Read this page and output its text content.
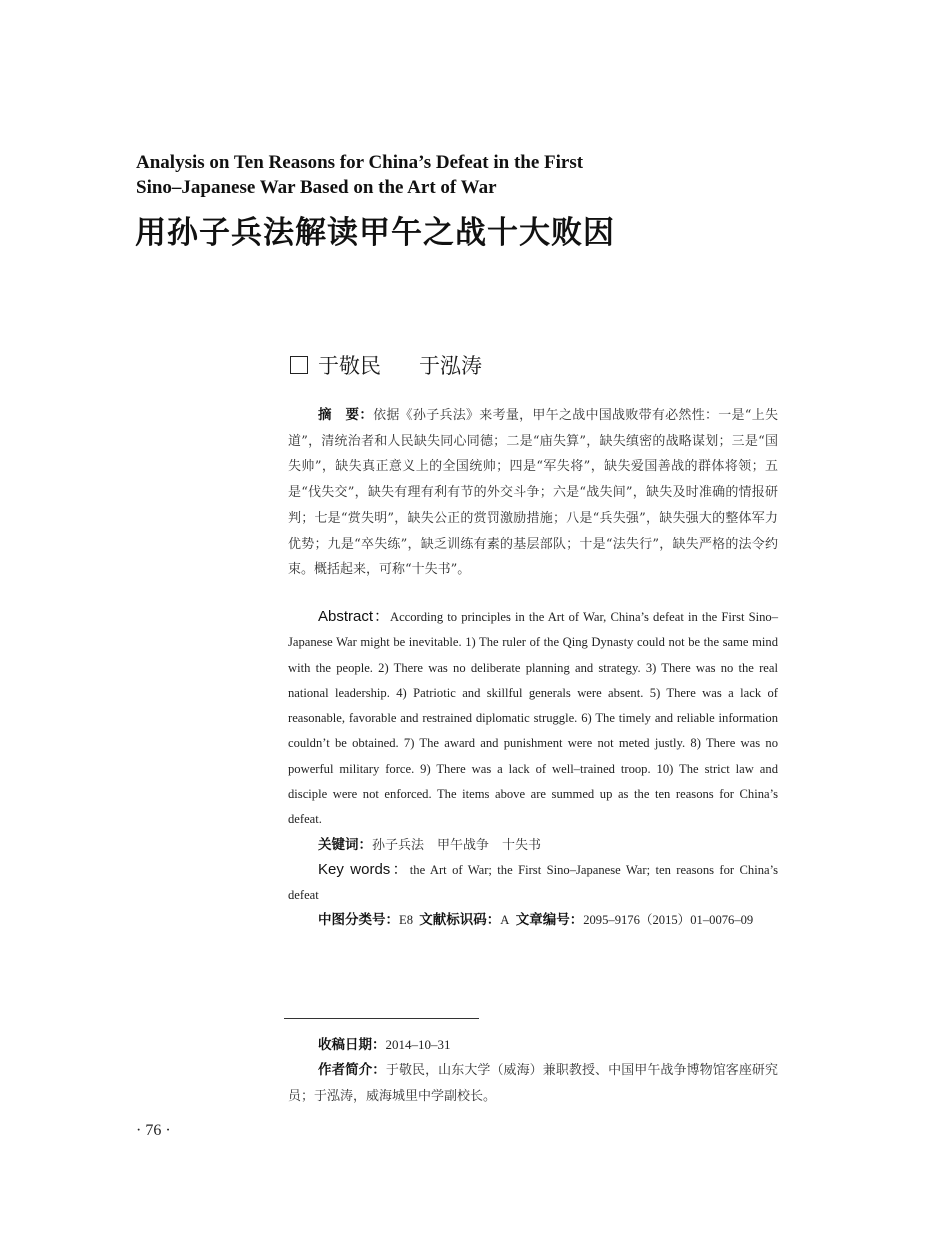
Analysis on Ten Reasons for China’s Defeat in the First
Sino–Japanese War Based on the Art of War
用孙子兵法解读甲午之战十大败因
于敬民 于泓涛
摘　要：依据《孙子兵法》来考量，甲午之战中国战败带有必然性：一是“上失道”，清统治者和人民缺失同心同德；二是“庙失算”，缺失缜密的战略谋划；三是“国失帅”，缺失真正意义上的全国统帅；四是“军失将”，缺失爱国善战的群体将领；五是“伐失交”，缺失有理有利有节的外交斗争；六是“战失间”，缺失及时准确的情报研判；七是“赏失明”，缺失公正的赏罚激励措施；八是“兵失强”，缺失强大的整体军力优势；九是“卒失练”，缺乏训练有素的基层部队；十是“法失行”，缺失严格的法令约束。概括起来，可称“十失书”。
Abstract：According to principles in the Art of War, China’s defeat in the First Sino–Japanese War might be inevitable. 1) The ruler of the Qing Dynasty could not be the same mind with the people. 2) There was no deliberate planning and strategy. 3) There was no the real national leadership. 4) Patriotic and skillful generals were absent. 5) There was a lack of reasonable, favorable and restrained diplomatic struggle. 6) The timely and reliable information couldn’t be obtained. 7) The award and punishment were not meted justly. 8) There was no powerful military force. 9) There was a lack of well–trained troop. 10) The strict law and disciple were not enforced. The items above are summed up as the ten reasons for China’s defeat.
关键词：孙子兵法　甲午战争　十失书
Key words：the Art of War; the First Sino–Japanese War; ten reasons for China’s defeat
中图分类号：E8 文献标识码：A 文章编号：2095–9176（2015）01–0076–09
收稿日期：2014–10–31
作者简介：于敬民，山东大学（威海）兼职教授、中国甲午战争博物馆客座研究员；于泓涛，威海城里中学副校长。
· 76 ·
